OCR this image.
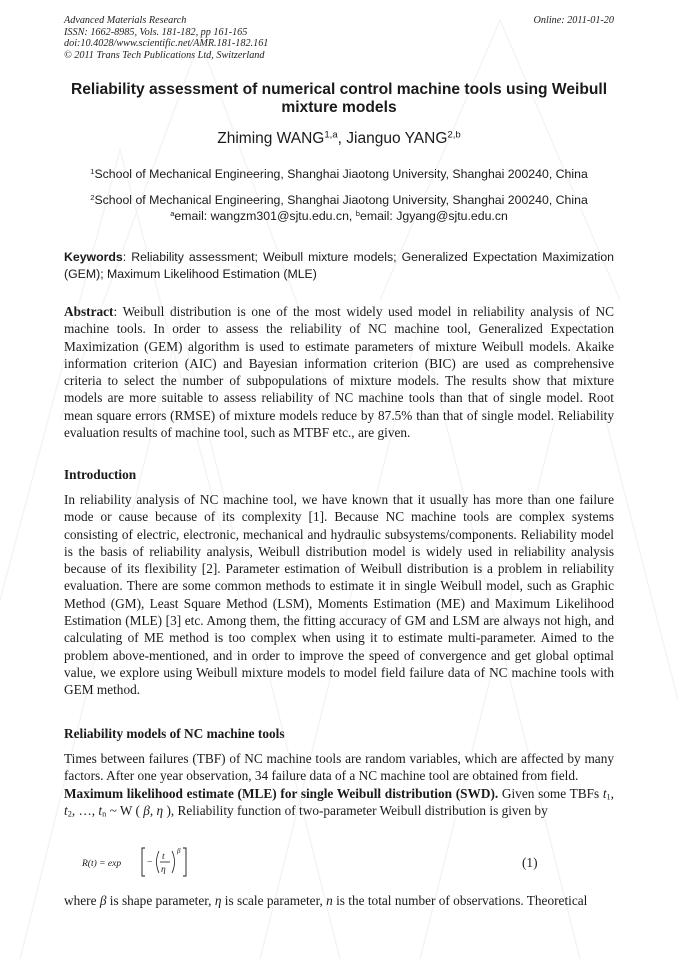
Advanced Materials Research
ISSN: 1662-8985, Vols. 181-182, pp 161-165
doi:10.4028/www.scientific.net/AMR.181-182.161
© 2011 Trans Tech Publications Ltd, Switzerland
Online: 2011-01-20
Reliability assessment of numerical control machine tools using Weibull mixture models
Zhiming WANG$^{1,a}$, Jianguo YANG$^{2,b}$
$^1$School of Mechanical Engineering, Shanghai Jiaotong University, Shanghai 200240, China
$^2$School of Mechanical Engineering, Shanghai Jiaotong University, Shanghai 200240, China
$^a$email: wangzm301@sjtu.edu.cn, $^b$email: Jgyang@sjtu.edu.cn
Keywords: Reliability assessment; Weibull mixture models; Generalized Expectation Maximization (GEM); Maximum Likelihood Estimation (MLE)
Abstract: Weibull distribution is one of the most widely used model in reliability analysis of NC machine tools. In order to assess the reliability of NC machine tool, Generalized Expectation Maximization (GEM) algorithm is used to estimate parameters of mixture Weibull models. Akaike information criterion (AIC) and Bayesian information criterion (BIC) are used as comprehensive criteria to select the number of subpopulations of mixture models. The results show that mixture models are more suitable to assess reliability of NC machine tools than that of single model. Root mean square errors (RMSE) of mixture models reduce by 87.5% than that of single model. Reliability evaluation results of machine tool, such as MTBF etc., are given.
Introduction
In reliability analysis of NC machine tool, we have known that it usually has more than one failure mode or cause because of its complexity [1]. Because NC machine tools are complex systems consisting of electric, electronic, mechanical and hydraulic subsystems/components. Reliability model is the basis of reliability analysis, Weibull distribution model is widely used in reliability analysis because of its flexibility [2]. Parameter estimation of Weibull distribution is a problem in reliability evaluation. There are some common methods to estimate it in single Weibull model, such as Graphic Method (GM), Least Square Method (LSM), Moments Estimation (ME) and Maximum Likelihood Estimation (MLE) [3] etc. Among them, the fitting accuracy of GM and LSM are always not high, and calculating of ME method is too complex when using it to estimate multi-parameter. Aimed to the problem above-mentioned, and in order to improve the speed of convergence and get global optimal value, we explore using Weibull mixture models to model field failure data of NC machine tools with GEM method.
Reliability models of NC machine tools
Times between failures (TBF) of NC machine tools are random variables, which are affected by many factors. After one year observation, 34 failure data of a NC machine tool are obtained from field.
Maximum likelihood estimate (MLE) for single Weibull distribution (SWD). Given some TBFs $t_1$, $t_2$, …, $t_n$ ~ W ( β, η ), Reliability function of two-parameter Weibull distribution is given by
R(t) = exp	−
t
η
β
(1)
where β is shape parameter, η is scale parameter, n is the total number of observations. Theoretical
